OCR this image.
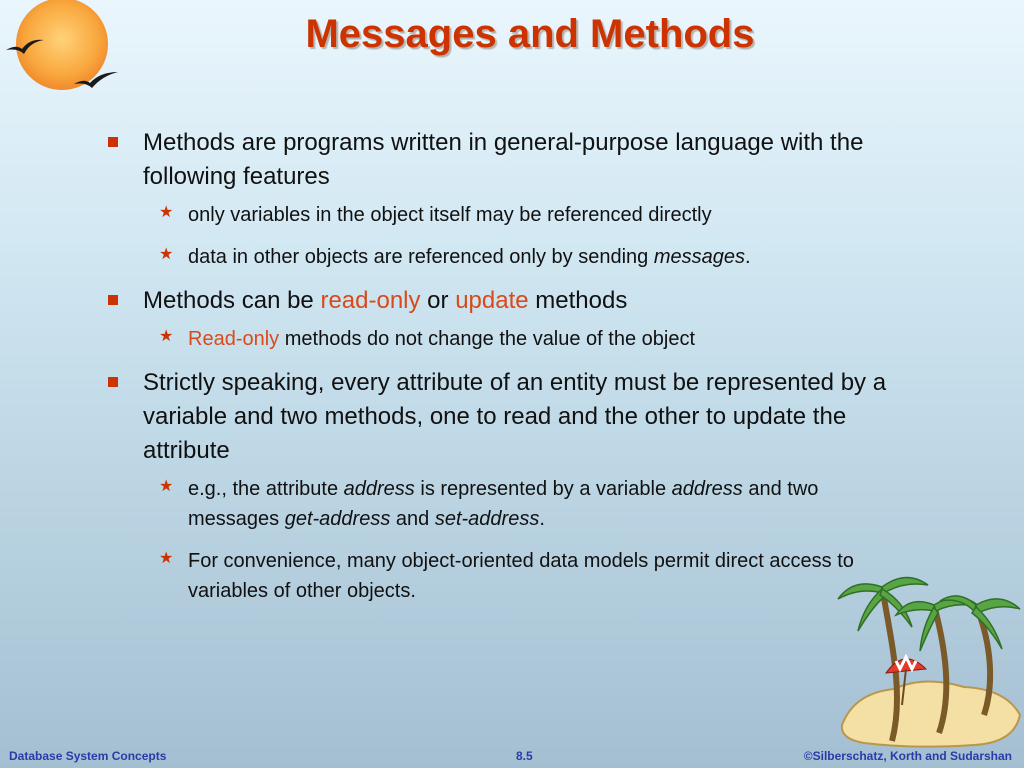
Messages and Methods
Methods are programs written in general-purpose language with the following features
★ only variables in the object itself may be referenced directly
★ data in other objects are referenced only by sending messages.
Methods can be read-only or update methods
★ Read-only methods do not change the value of the object
Strictly speaking, every attribute of an entity must be represented by a variable and two methods, one to read and the other to update the attribute
★ e.g., the attribute address is represented by a variable address and two messages get-address and set-address.
★ For convenience, many object-oriented data models permit direct access to variables of other objects.
Database System Concepts	8.5	©Silberschatz, Korth and Sudarshan
